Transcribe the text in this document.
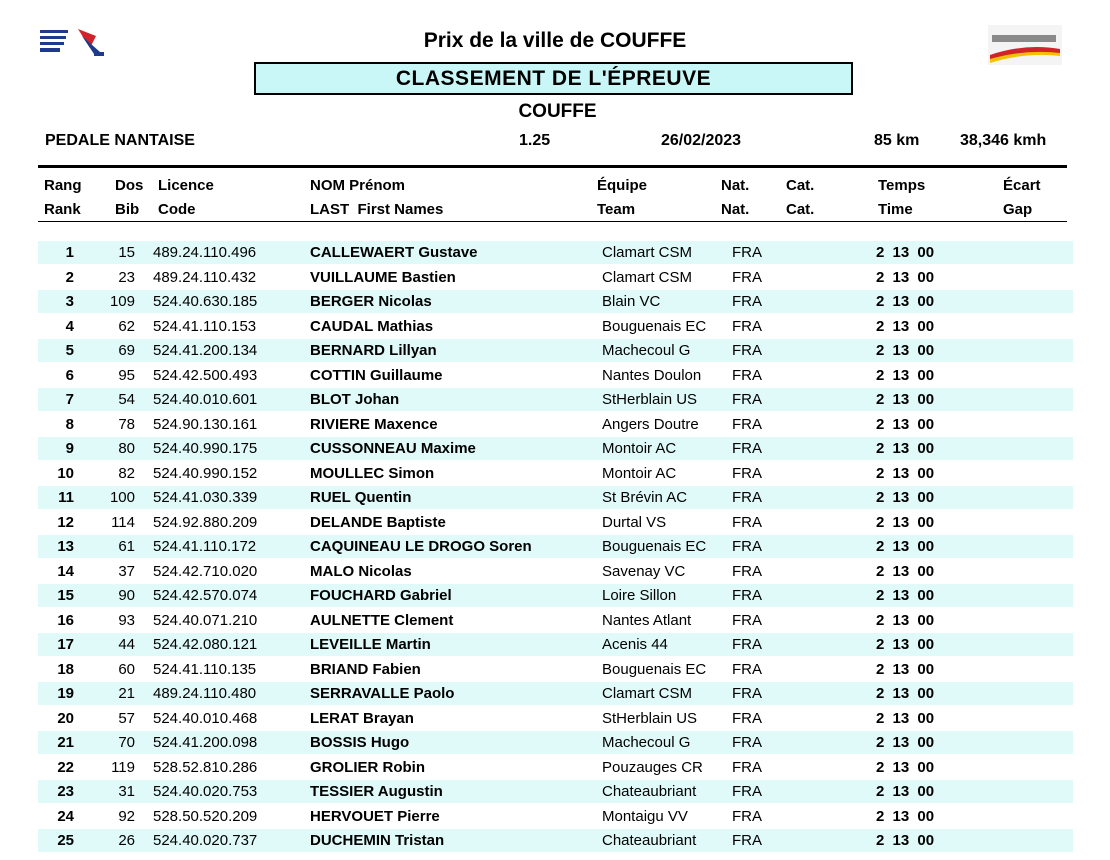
Prix de la ville de COUFFE
CLASSEMENT DE L'ÉPREUVE
COUFFE
PEDALE NANTAISE	1.25	26/02/2023	85 km	38,346 kmh
Rang Dos Licence	NOM Prénom	Équipe	Nat. Cat.	Temps	Écart
Rank Bib Code	LAST  First Names	Team	Nat. Cat.	Time	Gap
1	15 489.24.110.496	CALLEWAERT Gustave	Clamart CSM	FRA	2 13 00
2	23 489.24.110.432	VUILLAUME Bastien	Clamart CSM	FRA	2 13 00
3	109 524.40.630.185	BERGER Nicolas	Blain VC	FRA	2 13 00
4	62 524.41.110.153	CAUDAL Mathias	Bouguenais EC FRA	2 13 00
5	69 524.41.200.134	BERNARD Lillyan	Machecoul G	FRA	2 13 00
6	95 524.42.500.493	COTTIN Guillaume	Nantes Doulon FRA	2 13 00
7	54 524.40.010.601	BLOT Johan	StHerblain US FRA	2 13 00
8	78 524.90.130.161	RIVIERE Maxence	Angers Doutre FRA	2 13 00
9	80 524.40.990.175	CUSSONNEAU Maxime	Montoir AC	FRA	2 13 00
10	82 524.40.990.152	MOULLEC Simon	Montoir AC	FRA	2 13 00
11	100 524.41.030.339	RUEL Quentin	St Brévin AC	FRA	2 13 00
12	114 524.92.880.209	DELANDE Baptiste	Durtal VS	FRA	2 13 00
13	61 524.41.110.172	CAQUINEAU LE DROGO Soren	Bouguenais EC FRA	2 13 00
14	37 524.42.710.020	MALO Nicolas	Savenay VC	FRA	2 13 00
15	90 524.42.570.074	FOUCHARD Gabriel	Loire Sillon	FRA	2 13 00
16	93 524.40.071.210	AULNETTE Clement	Nantes Atlant	FRA	2 13 00
17	44 524.42.080.121	LEVEILLE Martin	Acenis 44	FRA	2 13 00
18	60 524.41.110.135	BRIAND Fabien	Bouguenais EC FRA	2 13 00
19	21 489.24.110.480	SERRAVALLE Paolo	Clamart CSM	FRA	2 13 00
20	57 524.40.010.468	LERAT Brayan	StHerblain US FRA	2 13 00
21	70 524.41.200.098	BOSSIS Hugo	Machecoul G	FRA	2 13 00
22	119 528.52.810.286	GROLIER Robin	Pouzauges CR FRA	2 13 00
23	31 524.40.020.753	TESSIER Augustin	Chateaubriant FRA	2 13 00
24	92 528.50.520.209	HERVOUET Pierre	Montaigu VV	FRA	2 13 00
25	26 524.40.020.737	DUCHEMIN Tristan	Chateaubriant FRA	2 13 00
